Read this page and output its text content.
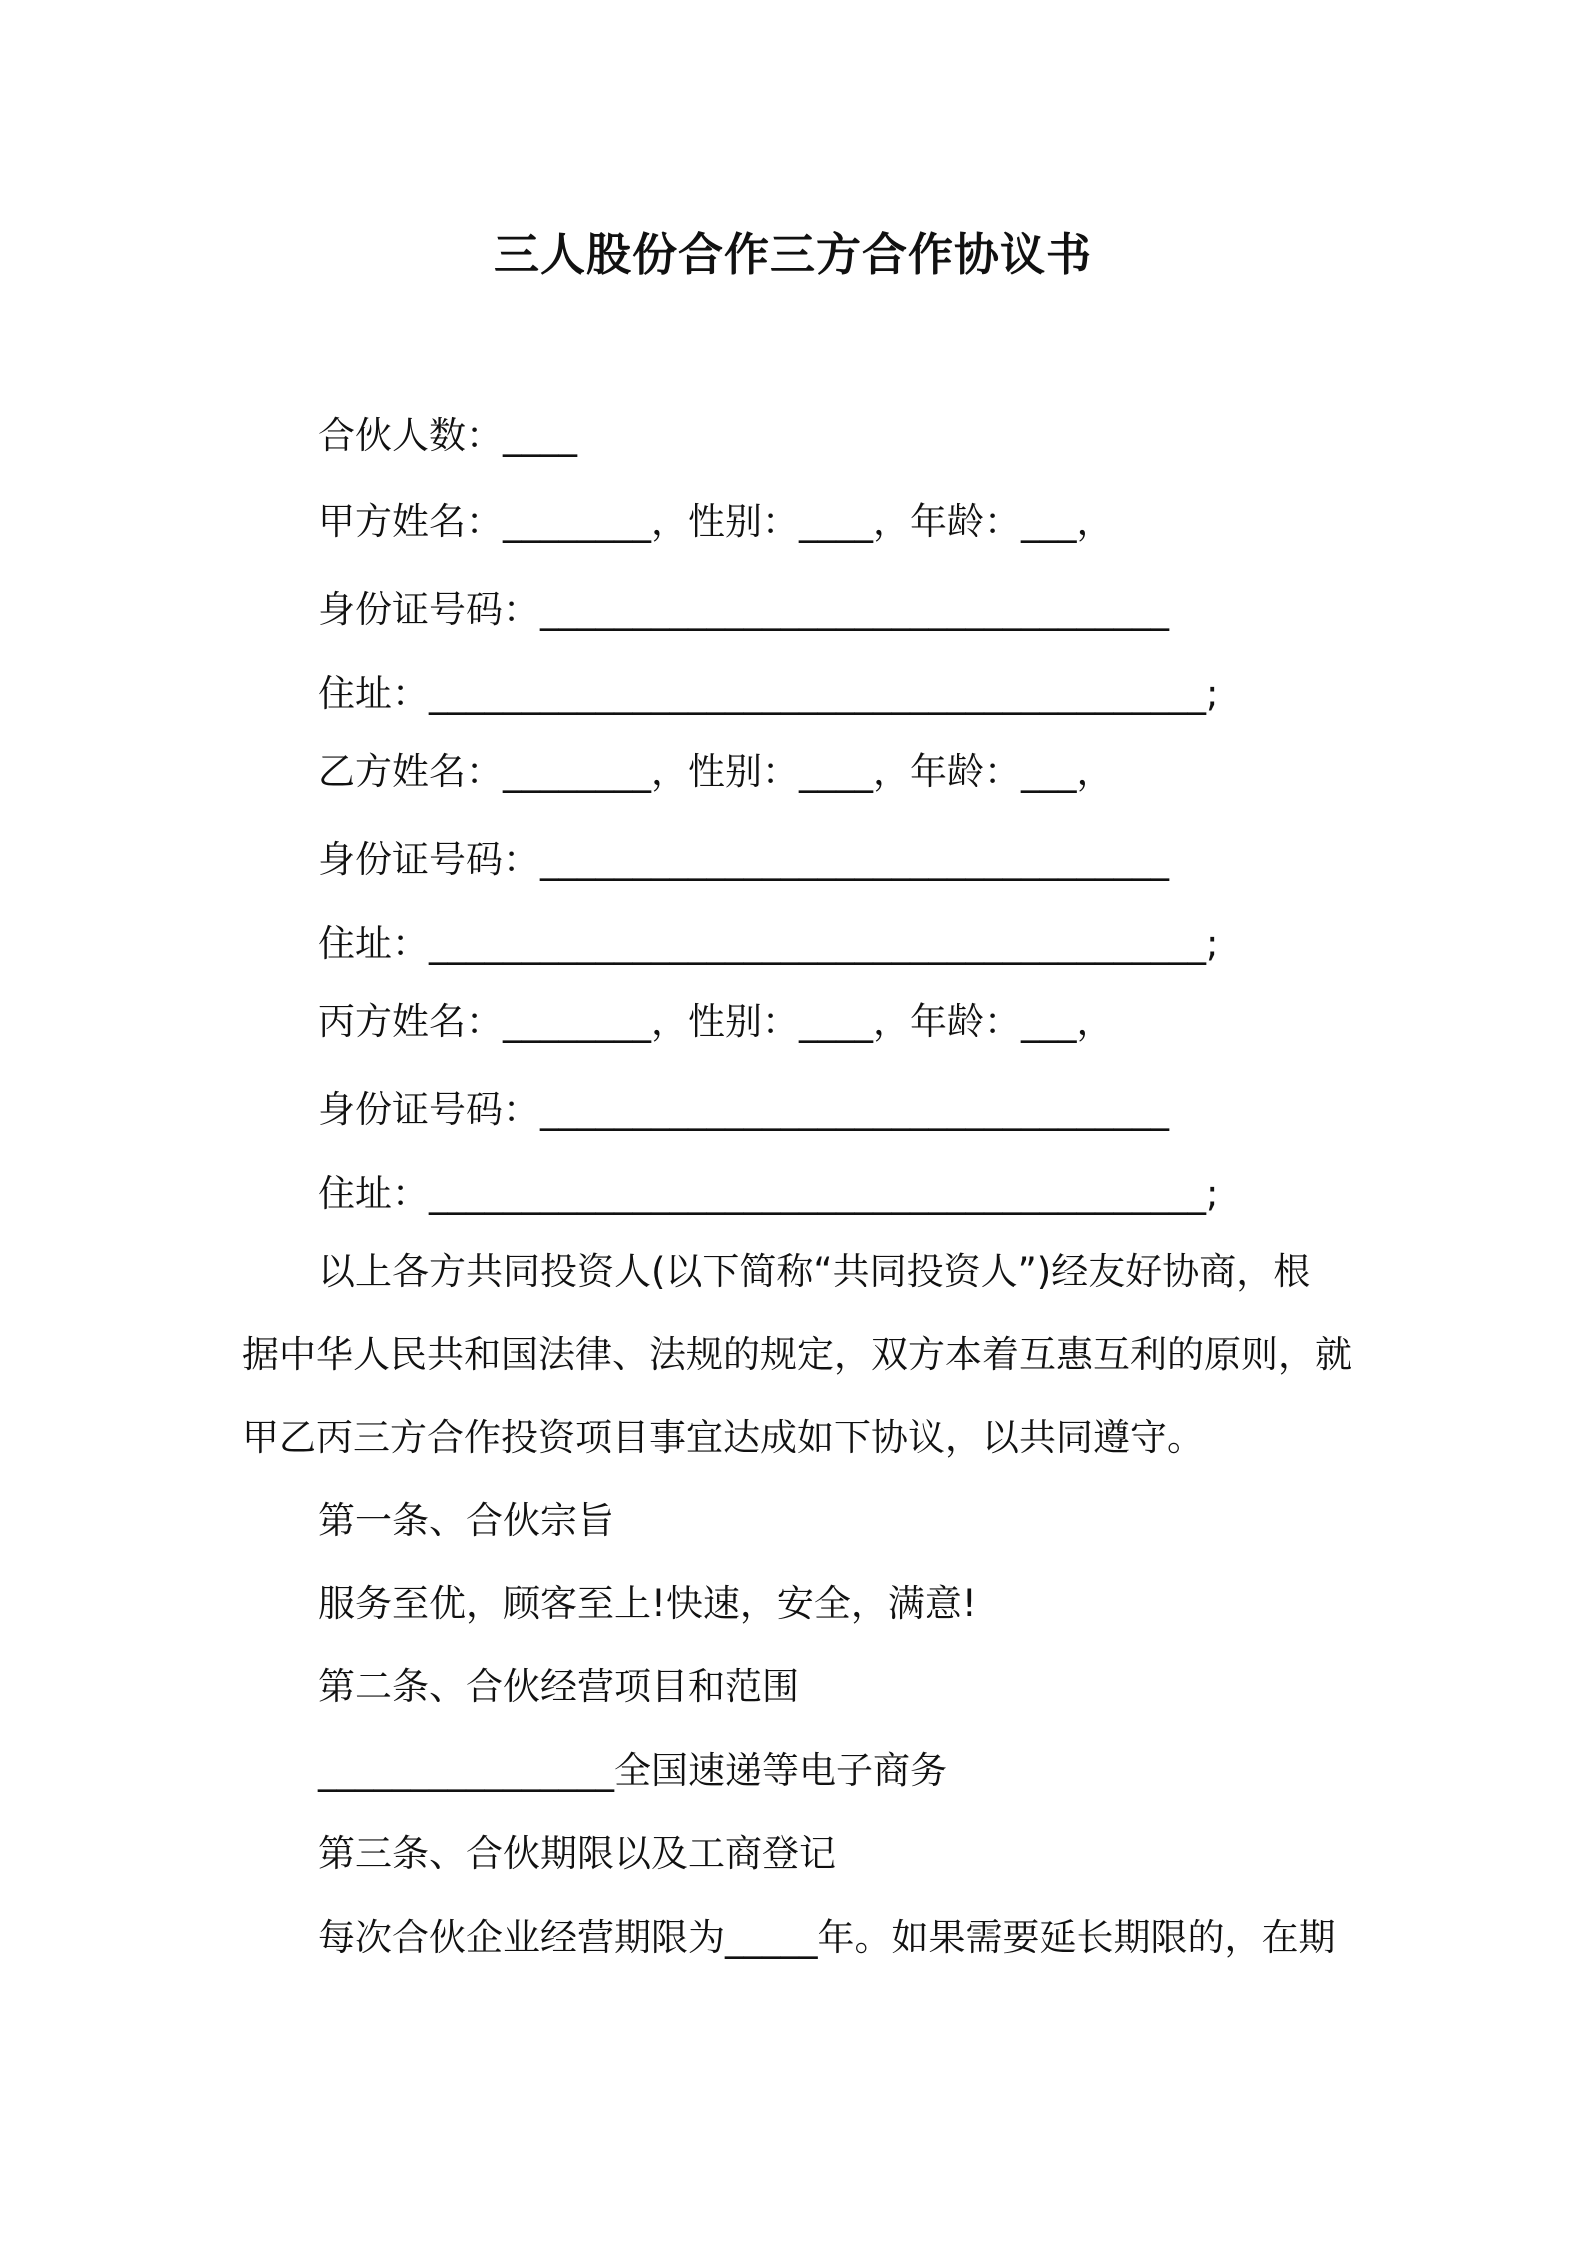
三人股份合作三方合作协议书

合伙人数：____

甲方姓名：________，性别：____，年龄：___，

身份证号码：__________________________________

住址：__________________________________________;

乙方姓名：________，性别：____，年龄：___，

身份证号码：__________________________________

住址：__________________________________________;

丙方姓名：________，性别：____，年龄：___，

身份证号码：__________________________________

住址：__________________________________________;

以上各方共同投资人(以下简称“共同投资人”)经友好协商，根

据中华人民共和国法律、法规的规定，双方本着互惠互利的原则，就

甲乙丙三方合作投资项目事宜达成如下协议，以共同遵守。

第一条、合伙宗旨

服务至优，顾客至上!快速，安全，满意!

第二条、合伙经营项目和范围

________________全国速递等电子商务

第三条、合伙期限以及工商登记

每次合伙企业经营期限为_____年。如果需要延长期限的，在期
